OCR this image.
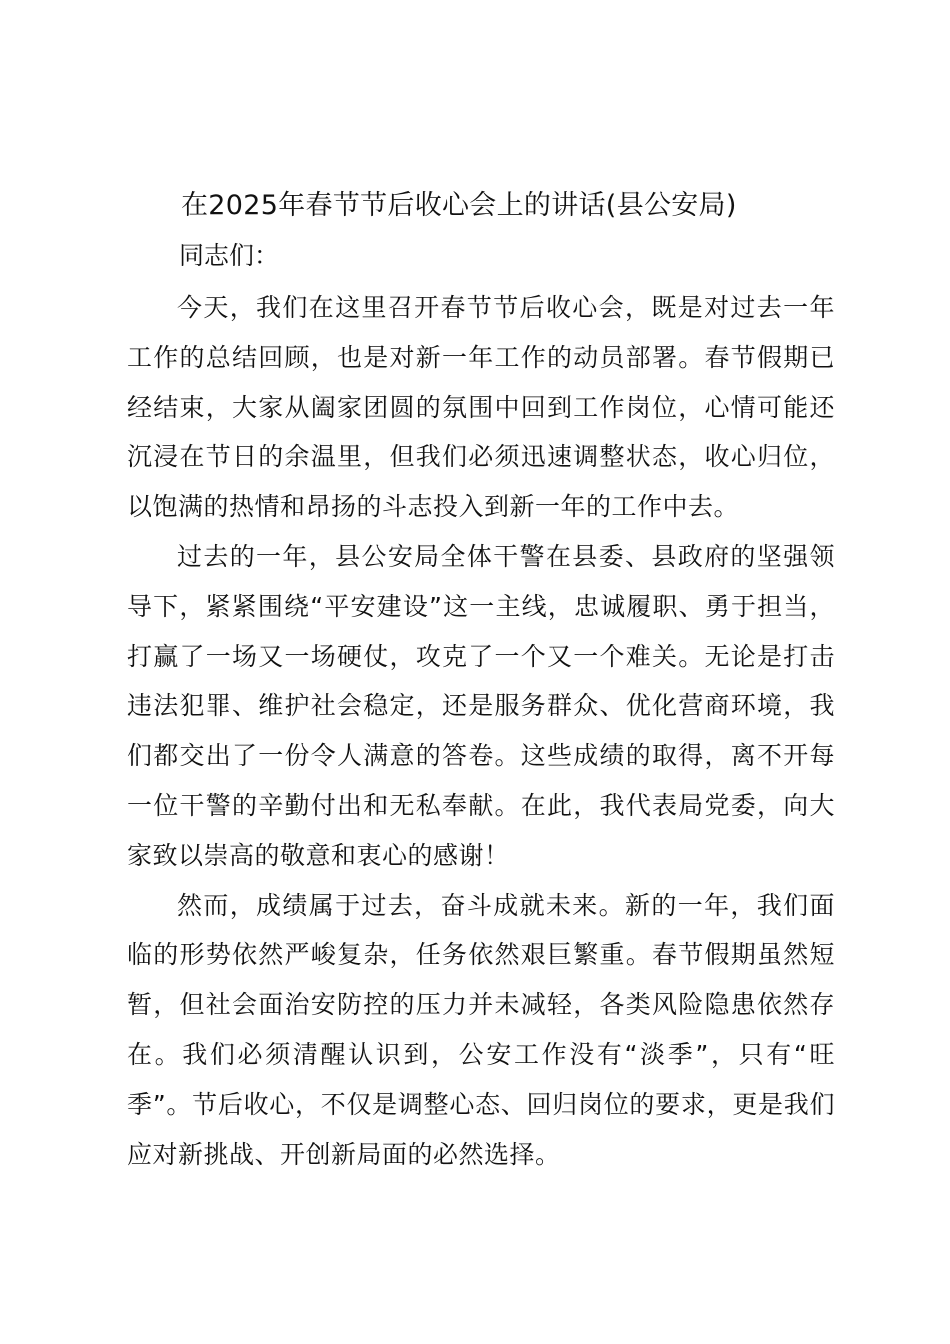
在2025年春节节后收心会上的讲话(县公安局)
同志们：

今天，我们在这里召开春节节后收心会，既是对过去一年工作的总结回顾，也是对新一年工作的动员部署。春节假期已经结束，大家从阖家团圆的氛围中回到工作岗位，心情可能还沉浸在节日的余温里，但我们必须迅速调整状态，收心归位，以饱满的热情和昂扬的斗志投入到新一年的工作中去。

过去的一年，县公安局全体干警在县委、县政府的坚强领导下，紧紧围绕“平安建设”这一主线，忠诚履职、勇于担当，打赢了一场又一场硬仗，攻克了一个又一个难关。无论是打击违法犯罪、维护社会稳定，还是服务群众、优化营商环境，我们都交出了一份令人满意的答卷。这些成绩的取得，离不开每一位干警的辛勤付出和无私奉献。在此，我代表局党委，向大家致以崇高的敬意和衷心的感谢！

然而，成绩属于过去，奋斗成就未来。新的一年，我们面临的形势依然严峻复杂，任务依然艰巨繁重。春节假期虽然短暂，但社会面治安防控的压力并未减轻，各类风险隐患依然存在。我们必须清醒认识到，公安工作没有“淡季”，只有“旺季”。节后收心，不仅是调整心态、回归岗位的要求，更是我们应对新挑战、开创新局面的必然选择。
